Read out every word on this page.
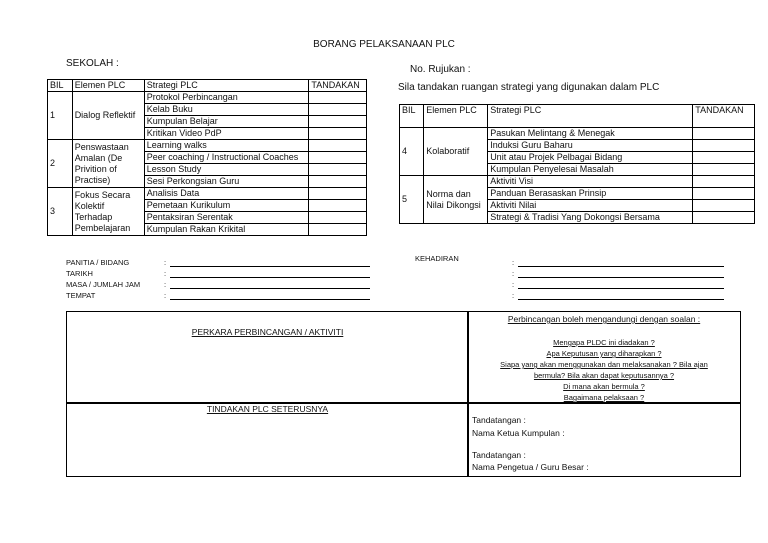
BORANG PELAKSANAAN PLC
SEKOLAH :
No. Rujukan :
Sila tandakan ruangan strategi yang digunakan dalam PLC
BIL	Elemen PLC	Strategi PLC	TANDAKAN
1	Dialog Reflektif	Protokol Perbincangan	
		Kelab Buku	
		Kumpulan Belajar	
		Kritikan Video PdP	
2	Penswastaan Amalan (De Privition of Practise)	Learning walks	
		Peer coaching / Instructional Coaches	
		Lesson Study	
		Sesi Perkongsian Guru	
3	Fokus Secara Kolektif Terhadap Pembelajaran	Analisis Data	
		Pemetaan Kurikulum	
		Pentaksiran Serentak	
		Kumpulan Rakan Krikital	
BIL	Elemen PLC	Strategi PLC	TANDAKAN
4	Kolaboratif	Pasukan Melintang & Menegak	
		Induksi Guru Baharu	
		Unit atau Projek Pelbagai Bidang	
		Kumpulan Penyelesai Masalah	
5	Norma dan Nilai Dikongsi	Aktiviti Visi	
		Panduan Berasaskan Prinsip	
		Aktiviti Nilai	
		Strategi & Tradisi Yang Dokongsi Bersama	
PANITIA / BIDANG	:
TARIKH	:
MASA / JUMLAH JAM	:
TEMPAT	:
KEHADIRAN	:
:
:
:
PERKARA PERBINCANGAN / AKTIVITI
Perbincangan boleh mengandungi dengan soalan :
Mengapa PLDC ini diadakan ?
Apa Keputusan yang diharapkan ?
Siapa yang akan menggunakan dan melaksanakan ? Bila ajan
bermula? Bila akan dapat keputusannya ?
Di mana akan bermula ?
Bagaimana pelaksaan ?
TINDAKAN PLC SETERUSNYA
Tandatangan :
Nama Ketua Kumpulan :
Tandatangan :
Nama Pengetua / Guru Besar :
